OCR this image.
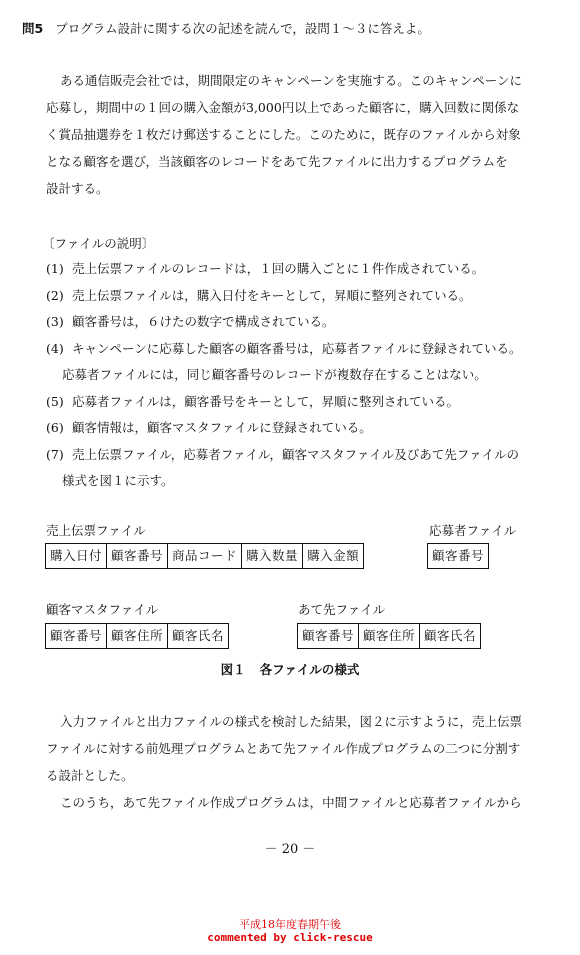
問5 プログラム設計に関する次の記述を読んで，設問１～３に答えよ。
ある通信販売会社では，期間限定のキャンペーンを実施する。このキャンペーンに
応募し，期間中の１回の購入金額が3,000円以上であった顧客に，購入回数に関係な
く賞品抽選券を１枚だけ郵送することにした。このために，既存のファイルから対象
となる顧客を選び，当該顧客のレコードをあて先ファイルに出力するプログラムを
設計する。
〔ファイルの説明〕
(1) 売上伝票ファイルのレコードは，１回の購入ごとに１件作成されている。
(2) 売上伝票ファイルは，購入日付をキーとして，昇順に整列されている。
(3) 顧客番号は，６けたの数字で構成されている。
(4) キャンペーンに応募した顧客の顧客番号は，応募者ファイルに登録されている。
応募者ファイルには，同じ顧客番号のレコードが複数存在することはない。
(5) 応募者ファイルは，顧客番号をキーとして，昇順に整列されている。
(6) 顧客情報は，顧客マスタファイルに登録されている。
(7) 売上伝票ファイル，応募者ファイル，顧客マスタファイル及びあて先ファイルの
様式を図１に示す。
売上伝票ファイル
購入日付 顧客番号 商品コード 購入数量 購入金額
応募者ファイル
顧客番号
顧客マスタファイル
顧客番号 顧客住所 顧客氏名
あて先ファイル
顧客番号 顧客住所 顧客氏名
図１ 各ファイルの様式
入力ファイルと出力ファイルの様式を検討した結果，図２に示すように，売上伝票
ファイルに対する前処理プログラムとあて先ファイル作成プログラムの二つに分割す
る設計とした。
このうち，あて先ファイル作成プログラムは，中間ファイルと応募者ファイルから
－ 20 －
平成18年度春期午後
commented by click-rescue
